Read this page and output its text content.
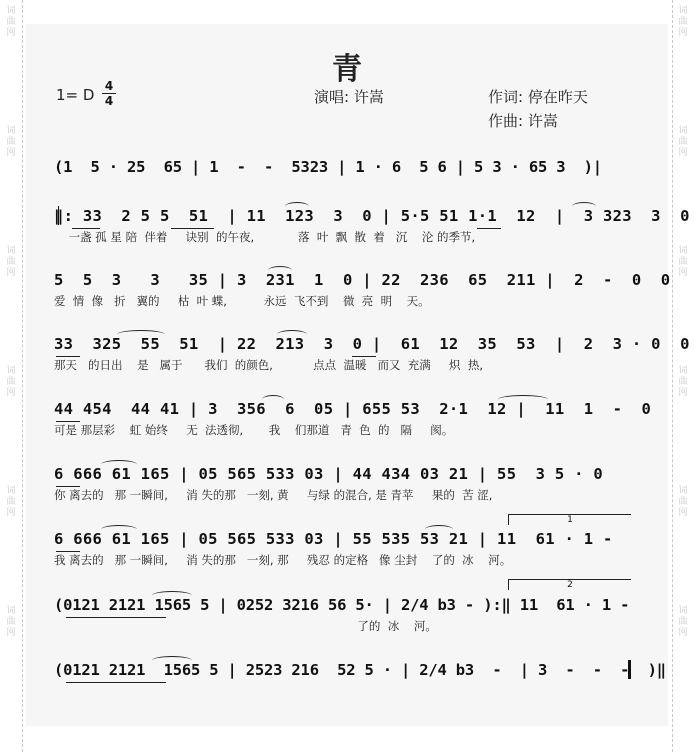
词
曲
网
词
曲
网
词
曲
网
词
曲
网
词
曲
网
词
曲
网
词
曲
网
词
曲
网
词
曲
网
词
曲
网
词
曲
网
词
曲
网
青
1= D 4
4	演唱: 许嵩	作词: 停在昨天
作曲: 许嵩
(1  5 · 25  65 | 1  -  -  5323 | 1 · 6  5 6 | 5 3 · 65 3  )|
‖: 33  2 5 5  51  | 11  123  3  0 | 5·5 51 1·1  12  |  3 323  3  0
一盏 孤 星 陪  伴着     诀别  的午夜,            落  叶  飘  散  着   沉    沦 的季节,
5  5  3   3   35 | 3  231  1  0 | 22  236  65  211 |  2  -  0  0
爱  情  像   折   翼的     枯  叶 蝶,          永远  飞不到    微  亮  明    天。
33  325  55  51  | 22  213  3  0 |  61  12  35  53  |  2  3 · 0  0
那天   的日出    是   属于      我们  的颜色,           点点  温暖   而又  充满     炽  热,
44 454  44 41 | 3  356  6  05 | 655 53  2·1  12 |  11  1  -  0
可是 那层彩    虹 始终     无  法透彻,       我    们那道   青  色  的   隔     阂。
6 666 61 165 | 05 565 533 03 | 44 434 03 21 | 55  3 5 · 0
你 离去的   那 一瞬间,     消 失的那   一刻, 黄     与绿 的混合, 是 青苹     果的  苦 涩,
6 666 61 165 | 05 565 533 03 | 55 535 53 21 | 11  61 · 1 -
我 离去的   那 一瞬间,     消 失的那   一刻, 那     残忍 的定格   像 尘封    了的  冰    河。
(0121 2121 1565 5 | 0252 3216 56 5· | 2/4 b3 - ):‖ 11  61 · 1 -
了的  冰    河。
(0121 2121  1565 5 | 2523 216  52 5 · | 2/4 b3  -  | 3  -  -  -  )‖
1
2
